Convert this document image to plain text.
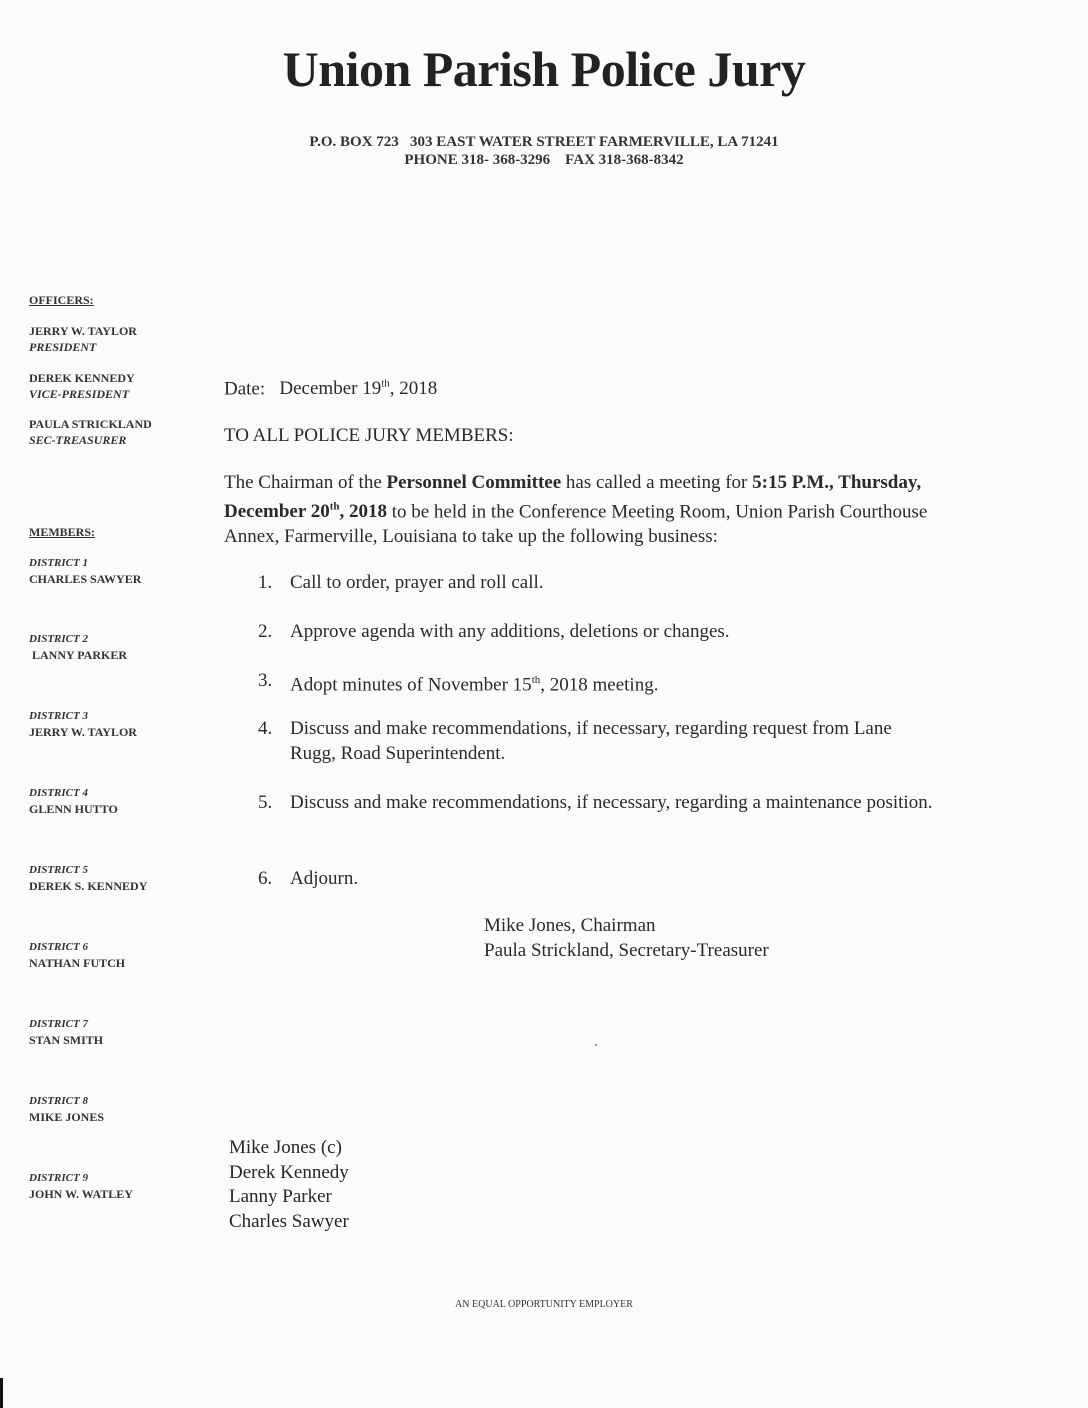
Union Parish Police Jury
P.O. BOX 723   303 EAST WATER STREET FARMERVILLE, LA 71241
PHONE 318- 368-3296    FAX 318-368-8342
OFFICERS:
JERRY W. TAYLOR
PRESIDENT
DEREK KENNEDY
VICE-PRESIDENT
PAULA STRICKLAND
SEC-TREASURER
MEMBERS:
DISTRICT 1
CHARLES SAWYER
DISTRICT 2
LANNY PARKER
DISTRICT 3
JERRY W. TAYLOR
DISTRICT 4
GLENN HUTTO
DISTRICT 5
DEREK S. KENNEDY
DISTRICT 6
NATHAN FUTCH
DISTRICT 7
STAN SMITH
DISTRICT 8
MIKE JONES
DISTRICT 9
JOHN W. WATLEY
Date: December 19th, 2018
TO ALL POLICE JURY MEMBERS:
The Chairman of the Personnel Committee has called a meeting for 5:15 P.M., Thursday, December 20th, 2018 to be held in the Conference Meeting Room, Union Parish Courthouse Annex, Farmerville, Louisiana to take up the following business:
1. Call to order, prayer and roll call.
2. Approve agenda with any additions, deletions or changes.
3. Adopt minutes of November 15th, 2018 meeting.
4. Discuss and make recommendations, if necessary, regarding request from Lane Rugg, Road Superintendent.
5. Discuss and make recommendations, if necessary, regarding a maintenance position.
6. Adjourn.
Mike Jones, Chairman
Paula Strickland, Secretary-Treasurer
Mike Jones (c)
Derek Kennedy
Lanny Parker
Charles Sawyer
AN EQUAL OPPORTUNITY EMPLOYER
